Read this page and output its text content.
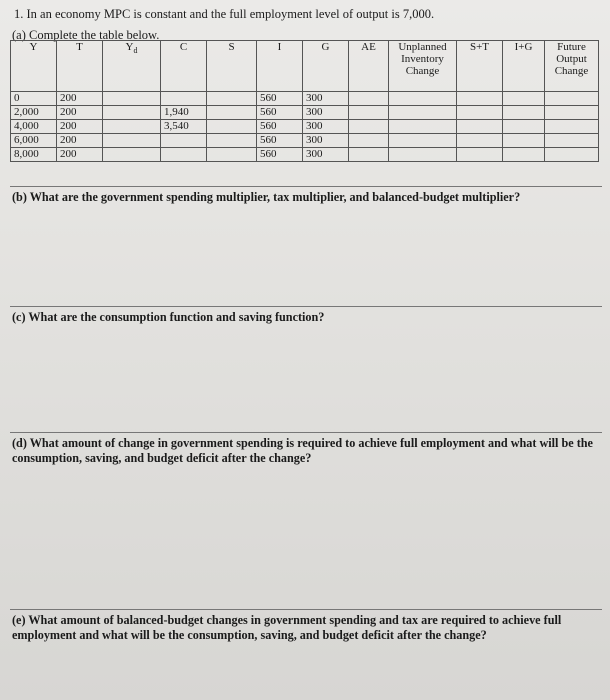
1. In an economy MPC is constant and the full employment level of output is 7,000.
(a) Complete the table below.
Y	T	$Y_d$	C	S	I	G	AE	Unplanned Inventory Change	S+T	I+G	Future Output Change
0	200				560	300					
2,000	200		1,940		560	300					
4,000	200		3,540		560	300					
6,000	200				560	300					
8,000	200				560	300					
(b) What are the government spending multiplier, tax multiplier, and balanced-budget multiplier?
(c) What are the consumption function and saving function?
(d) What amount of change in government spending is required to achieve full employment and what will be the consumption, saving, and budget deficit after the change?
(e) What amount of balanced-budget changes in government spending and tax are required to achieve full employment and what will be the consumption, saving, and budget deficit after the change?
